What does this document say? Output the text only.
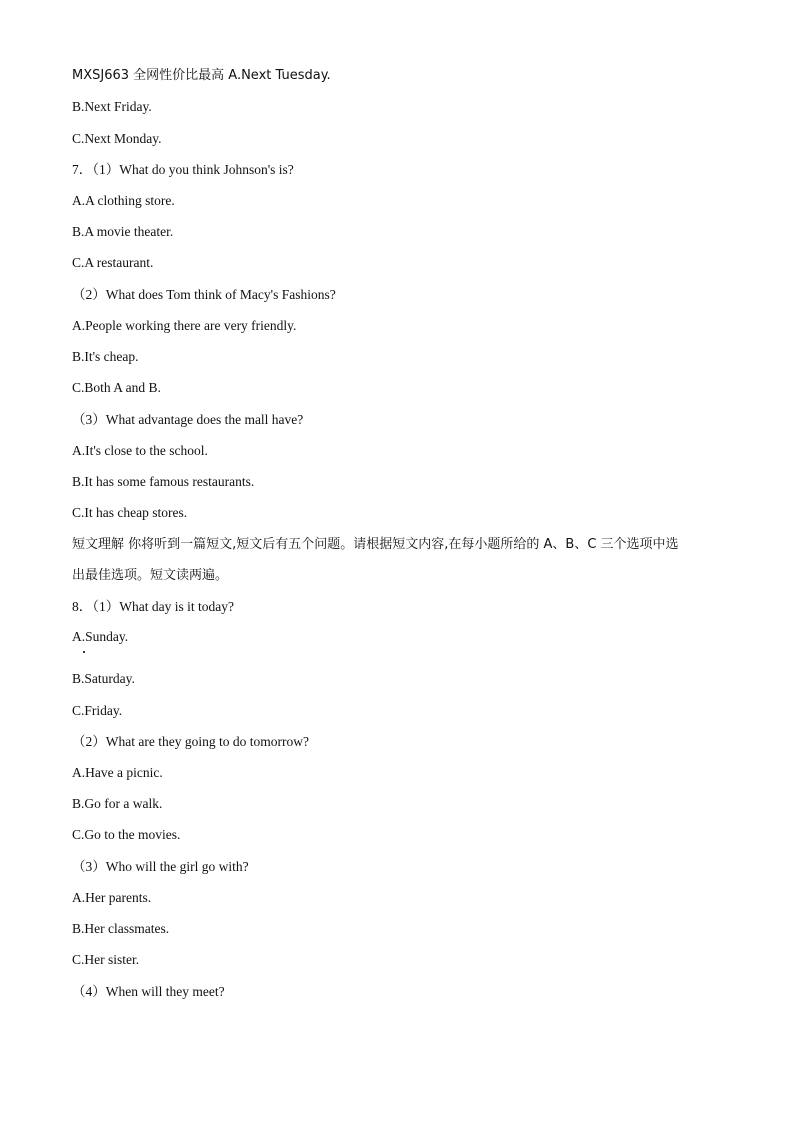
MXSJ663 全网性价比最高 A.Next Tuesday.
B.Next Friday.
C.Next Monday.
7．（1）What do you think Johnson's is?
A.A clothing store.
B.A movie theater.
C.A restaurant.
（2）What does Tom think of Macy's Fashions?
A.People working there are very friendly.
B.It's cheap.
C.Both A and B.
（3）What advantage does the mall have?
A.It's close to the school.
B.It has some famous restaurants.
C.It has cheap stores.
短文理解 你将听到一篇短文,短文后有五个问题。请根据短文内容,在每小题所给的 A、B、C 三个选项中选
出最佳选项。短文读两遍。
8．（1）What day is it today?
A.Sunday.
B.Saturday.
C.Friday.
（2）What are they going to do tomorrow?
A.Have a picnic.
B.Go for a walk.
C.Go to the movies.
（3）Who will the girl go with?
A.Her parents.
B.Her classmates.
C.Her sister.
（4）When will they meet?
